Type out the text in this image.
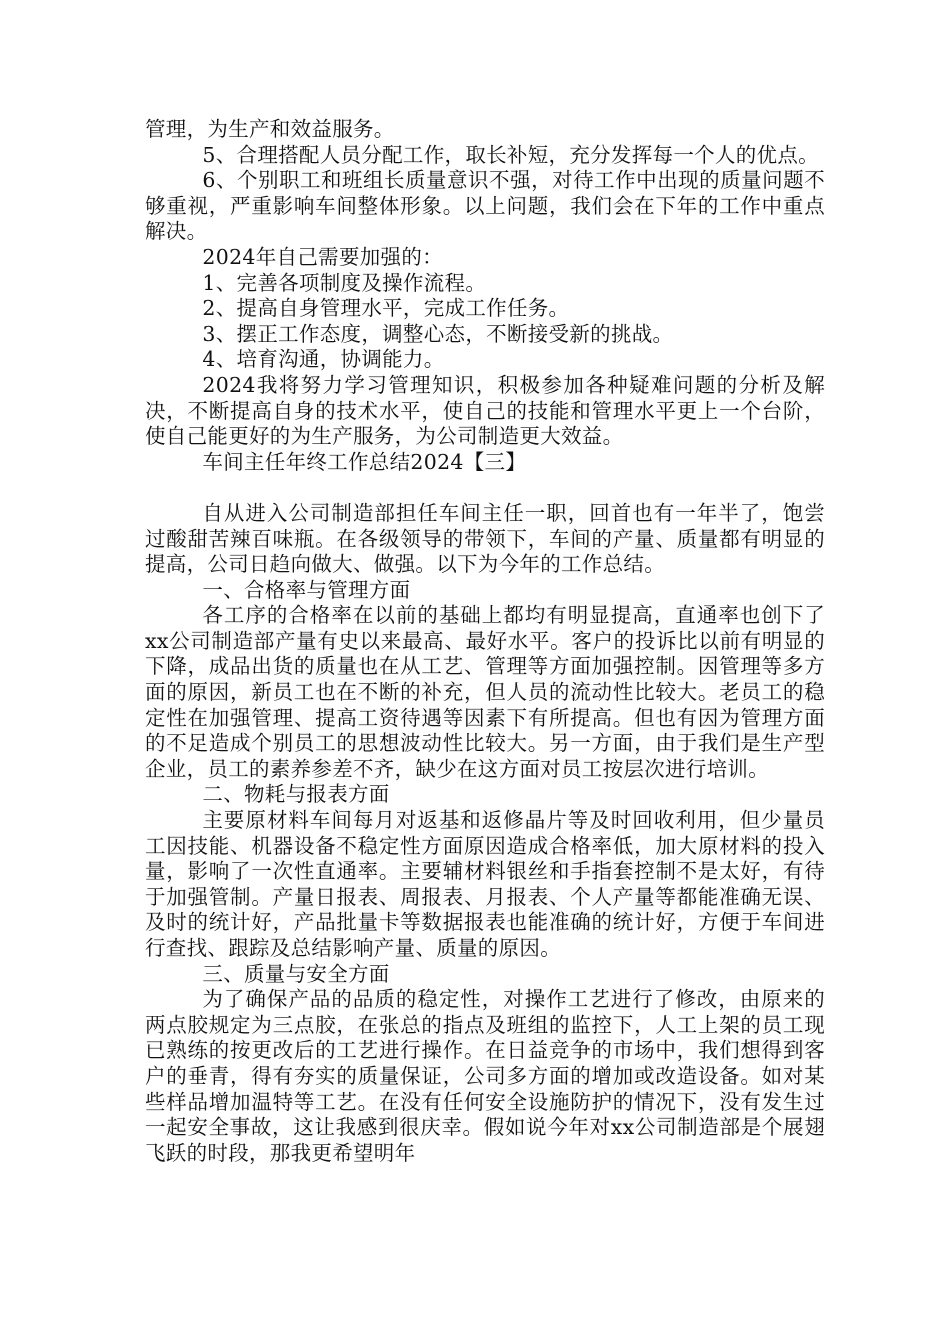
管理，为生产和效益服务。

5、合理搭配人员分配工作，取长补短，充分发挥每一个人的优点。

6、个别职工和班组长质量意识不强，对待工作中出现的质量问题不够重视，严重影响车间整体形象。以上问题，我们会在下年的工作中重点解决。

2024年自己需要加强的：

1、完善各项制度及操作流程。

2、提高自身管理水平，完成工作任务。

3、摆正工作态度，调整心态，不断接受新的挑战。

4、培育沟通，协调能力。

2024我将努力学习管理知识，积极参加各种疑难问题的分析及解决，不断提高自身的技术水平，使自己的技能和管理水平更上一个台阶，使自己能更好的为生产服务，为公司制造更大效益。

车间主任年终工作总结2024【三】

自从进入公司制造部担任车间主任一职，回首也有一年半了，饱尝过酸甜苦辣百味瓶。在各级领导的带领下，车间的产量、质量都有明显的提高，公司日趋向做大、做强。以下为今年的工作总结。

一、合格率与管理方面

各工序的合格率在以前的基础上都均有明显提高，直通率也创下了xx公司制造部产量有史以来最高、最好水平。客户的投诉比以前有明显的下降，成品出货的质量也在从工艺、管理等方面加强控制。因管理等多方面的原因，新员工也在不断的补充，但人员的流动性比较大。老员工的稳定性在加强管理、提高工资待遇等因素下有所提高。但也有因为管理方面的不足造成个别员工的思想波动性比较大。另一方面，由于我们是生产型企业，员工的素养参差不齐，缺少在这方面对员工按层次进行培训。

二、物耗与报表方面

主要原材料车间每月对返基和返修晶片等及时回收利用，但少量员工因技能、机器设备不稳定性方面原因造成合格率低，加大原材料的投入量，影响了一次性直通率。主要辅材料银丝和手指套控制不是太好，有待于加强管制。产量日报表、周报表、月报表、个人产量等都能准确无误、及时的统计好，产品批量卡等数据报表也能准确的统计好，方便于车间进行查找、跟踪及总结影响产量、质量的原因。

三、质量与安全方面

为了确保产品的品质的稳定性，对操作工艺进行了修改，由原来的两点胶规定为三点胶，在张总的指点及班组的监控下，人工上架的员工现已熟练的按更改后的工艺进行操作。在日益竞争的市场中，我们想得到客户的垂青，得有夯实的质量保证，公司多方面的增加或改造设备。如对某些样品增加温特等工艺。在没有任何安全设施防护的情况下，没有发生过一起安全事故，这让我感到很庆幸。假如说今年对xx公司制造部是个展翅飞跃的时段，那我更希望明年
